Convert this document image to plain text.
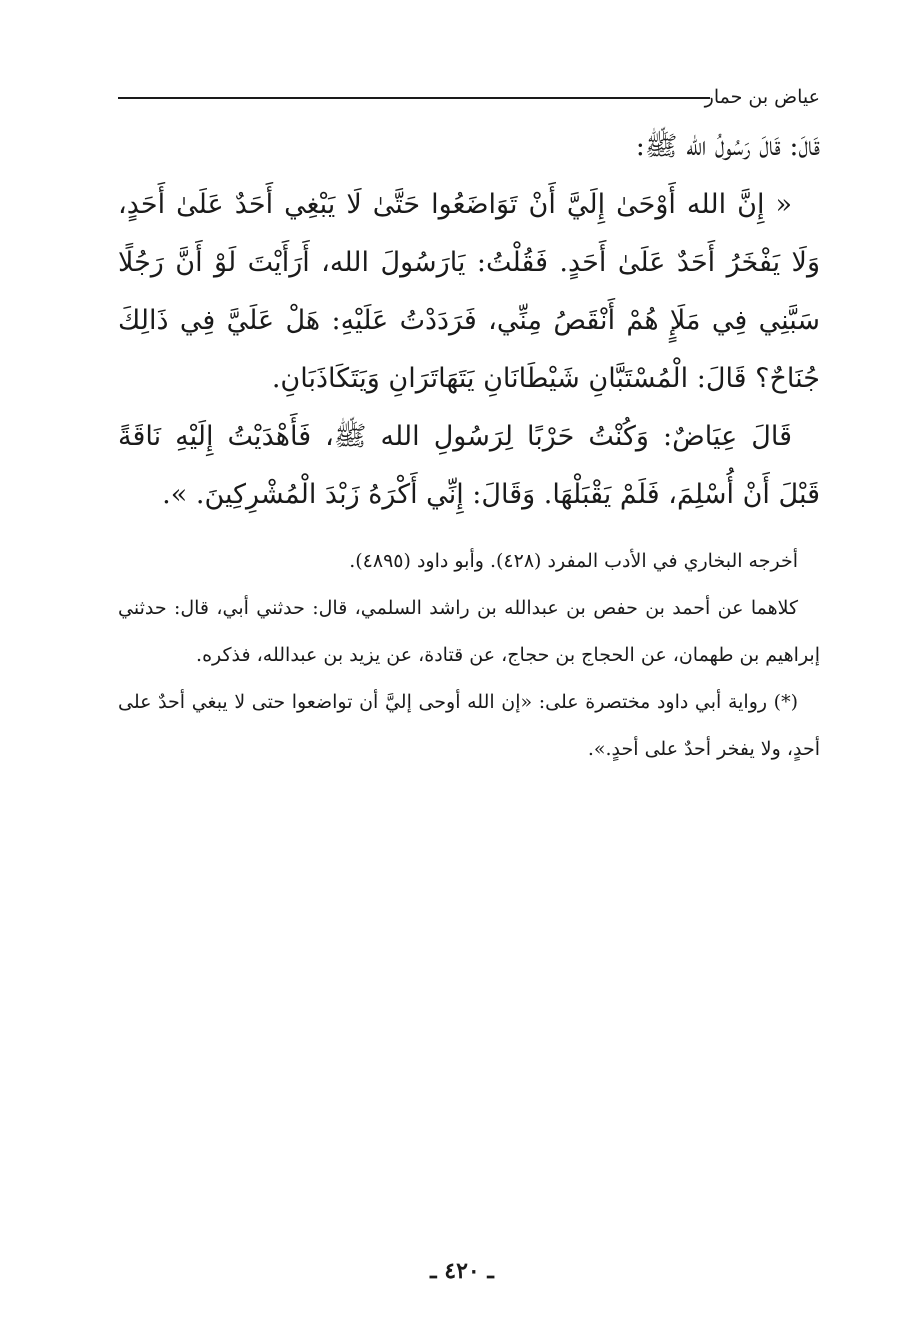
عياض بن حمار

قَالَ: قَالَ رَسُولُ الله ﷺ:

« إِنَّ الله أَوْحَىٰ إِلَيَّ أَنْ تَوَاضَعُوا حَتَّىٰ لَا يَبْغِي أَحَدٌ عَلَىٰ أَحَدٍ، وَلَا يَفْخَرُ أَحَدٌ عَلَىٰ أَحَدٍ. فَقُلْتُ: يَارَسُولَ الله، أَرَأَيْتَ لَوْ أَنَّ رَجُلًا سَبَّنِي فِي مَلَإٍ هُمْ أَنْقَصُ مِنِّي، فَرَدَدْتُ عَلَيْهِ: هَلْ عَلَيَّ فِي ذَالِكَ جُنَاحٌ؟ قَالَ: الْمُسْتَبَّانِ شَيْطَانَانِ يَتَهَاتَرَانِ وَيَتَكَاذَبَانِ.

قَالَ عِيَاضٌ: وَكُنْتُ حَرْبًا لِرَسُولِ الله ﷺ، فَأَهْدَيْتُ إِلَيْهِ نَاقَةً قَبْلَ أَنْ أُسْلِمَ، فَلَمْ يَقْبَلْهَا. وَقَالَ: إِنِّي أَكْرَهُ زَبْدَ الْمُشْرِكِينَ. ».

أخرجه البخاري في الأدب المفرد (٤٢٨). وأبو داود (٤٨٩٥).

كلاهما عن أحمد بن حفص بن عبدالله بن راشد السلمي، قال: حدثني أبي، قال: حدثني إبراهيم بن طهمان، عن الحجاج بن حجاج، عن قتادة، عن يزيد بن عبدالله، فذكره.

(*) رواية أبي داود مختصرة على: «إن الله أوحى إليَّ أن تواضعوا حتى لا يبغي أحدٌ على أحدٍ، ولا يفخر أحدٌ على أحدٍ.».

ـ ٤٢٠ ـ
